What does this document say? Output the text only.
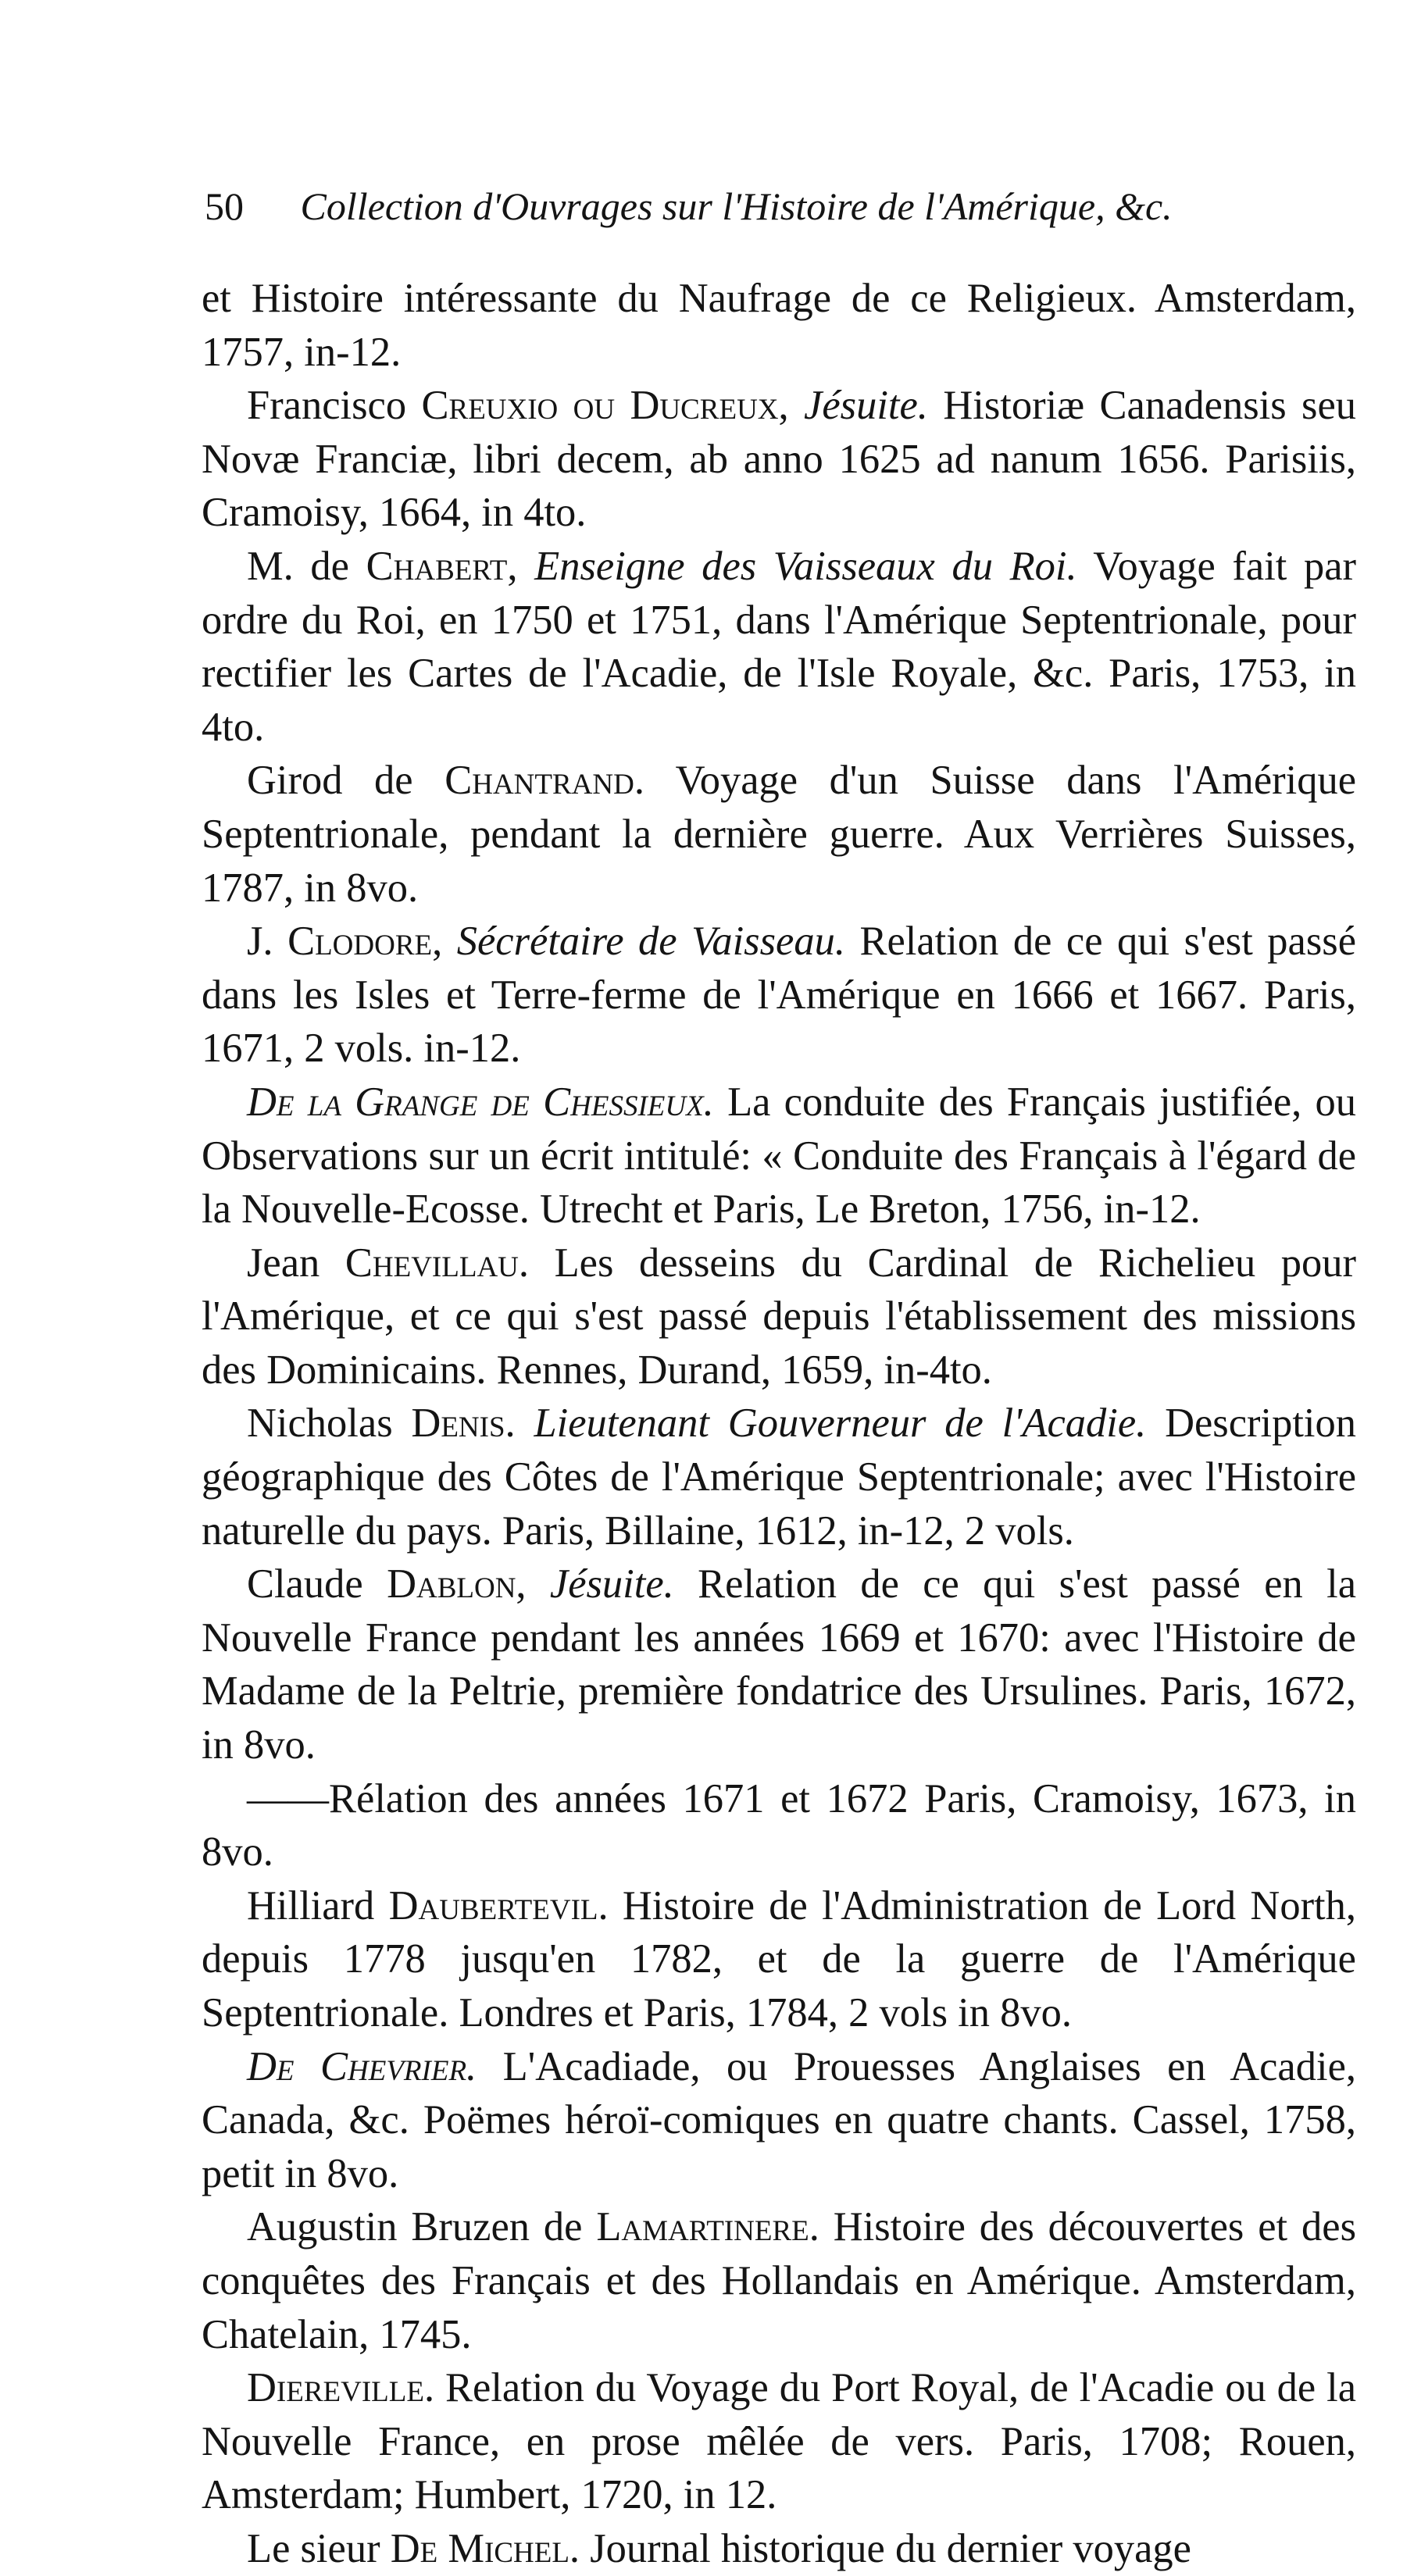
50 Collection d'Ouvrages sur l'Histoire de l'Amérique, &c.

et Histoire intéressante du Naufrage de ce Religieux. Amsterdam, 1757, in-12.

Francisco Creuxio ou Ducreux, Jésuite. Historiæ Canadensis seu Novæ Franciæ, libri decem, ab anno 1625 ad nanum 1656. Parisiis, Cramoisy, 1664, in 4to.

M. de Chabert, Enseigne des Vaisseaux du Roi. Voyage fait par ordre du Roi, en 1750 et 1751, dans l'Amérique Septentrionale, pour rectifier les Cartes de l'Acadie, de l'Isle Royale, &c. Paris, 1753, in 4to.

Girod de Chantrand. Voyage d'un Suisse dans l'Amérique Septentrionale, pendant la dernière guerre. Aux Verrières Suisses, 1787, in 8vo.

J. Clodore, Sécrétaire de Vaisseau. Relation de ce qui s'est passé dans les Isles et Terre-ferme de l'Amérique en 1666 et 1667. Paris, 1671, 2 vols. in-12.

De la Grange de Chessieux. La conduite des Français justifiée, ou Observations sur un écrit intitulé: « Conduite des Français à l'égard de la Nouvelle-Ecosse. Utrecht et Paris, Le Breton, 1756, in-12.

Jean Chevillau. Les desseins du Cardinal de Richelieu pour l'Amérique, et ce qui s'est passé depuis l'établissement des missions des Dominicains. Rennes, Durand, 1659, in-4to.

Nicholas Denis. Lieutenant Gouverneur de l'Acadie. Description géographique des Côtes de l'Amérique Septentrionale; avec l'Histoire naturelle du pays. Paris, Billaine, 1612, in-12, 2 vols.

Claude Dablon, Jésuite. Relation de ce qui s'est passé en la Nouvelle France pendant les années 1669 et 1670: avec l'Histoire de Madame de la Peltrie, première fondatrice des Ursulines. Paris, 1672, in 8vo.

——Rélation des années 1671 et 1672 Paris, Cramoisy, 1673, in 8vo.

Hilliard Daubertevil. Histoire de l'Administration de Lord North, depuis 1778 jusqu'en 1782, et de la guerre de l'Amérique Septentrionale. Londres et Paris, 1784, 2 vols in 8vo.

De Chevrier. L'Acadiade, ou Prouesses Anglaises en Acadie, Canada, &c. Poëmes héroï-comiques en quatre chants. Cassel, 1758, petit in 8vo.

Augustin Bruzen de Lamartinere. Histoire des découvertes et des conquêtes des Français et des Hollandais en Amérique. Amsterdam, Chatelain, 1745.

Diereville. Relation du Voyage du Port Royal, de l'Acadie ou de la Nouvelle France, en prose mêlée de vers. Paris, 1708; Rouen, Amsterdam; Humbert, 1720, in 12.

Le sieur De Michel. Journal historique du dernier voyage
